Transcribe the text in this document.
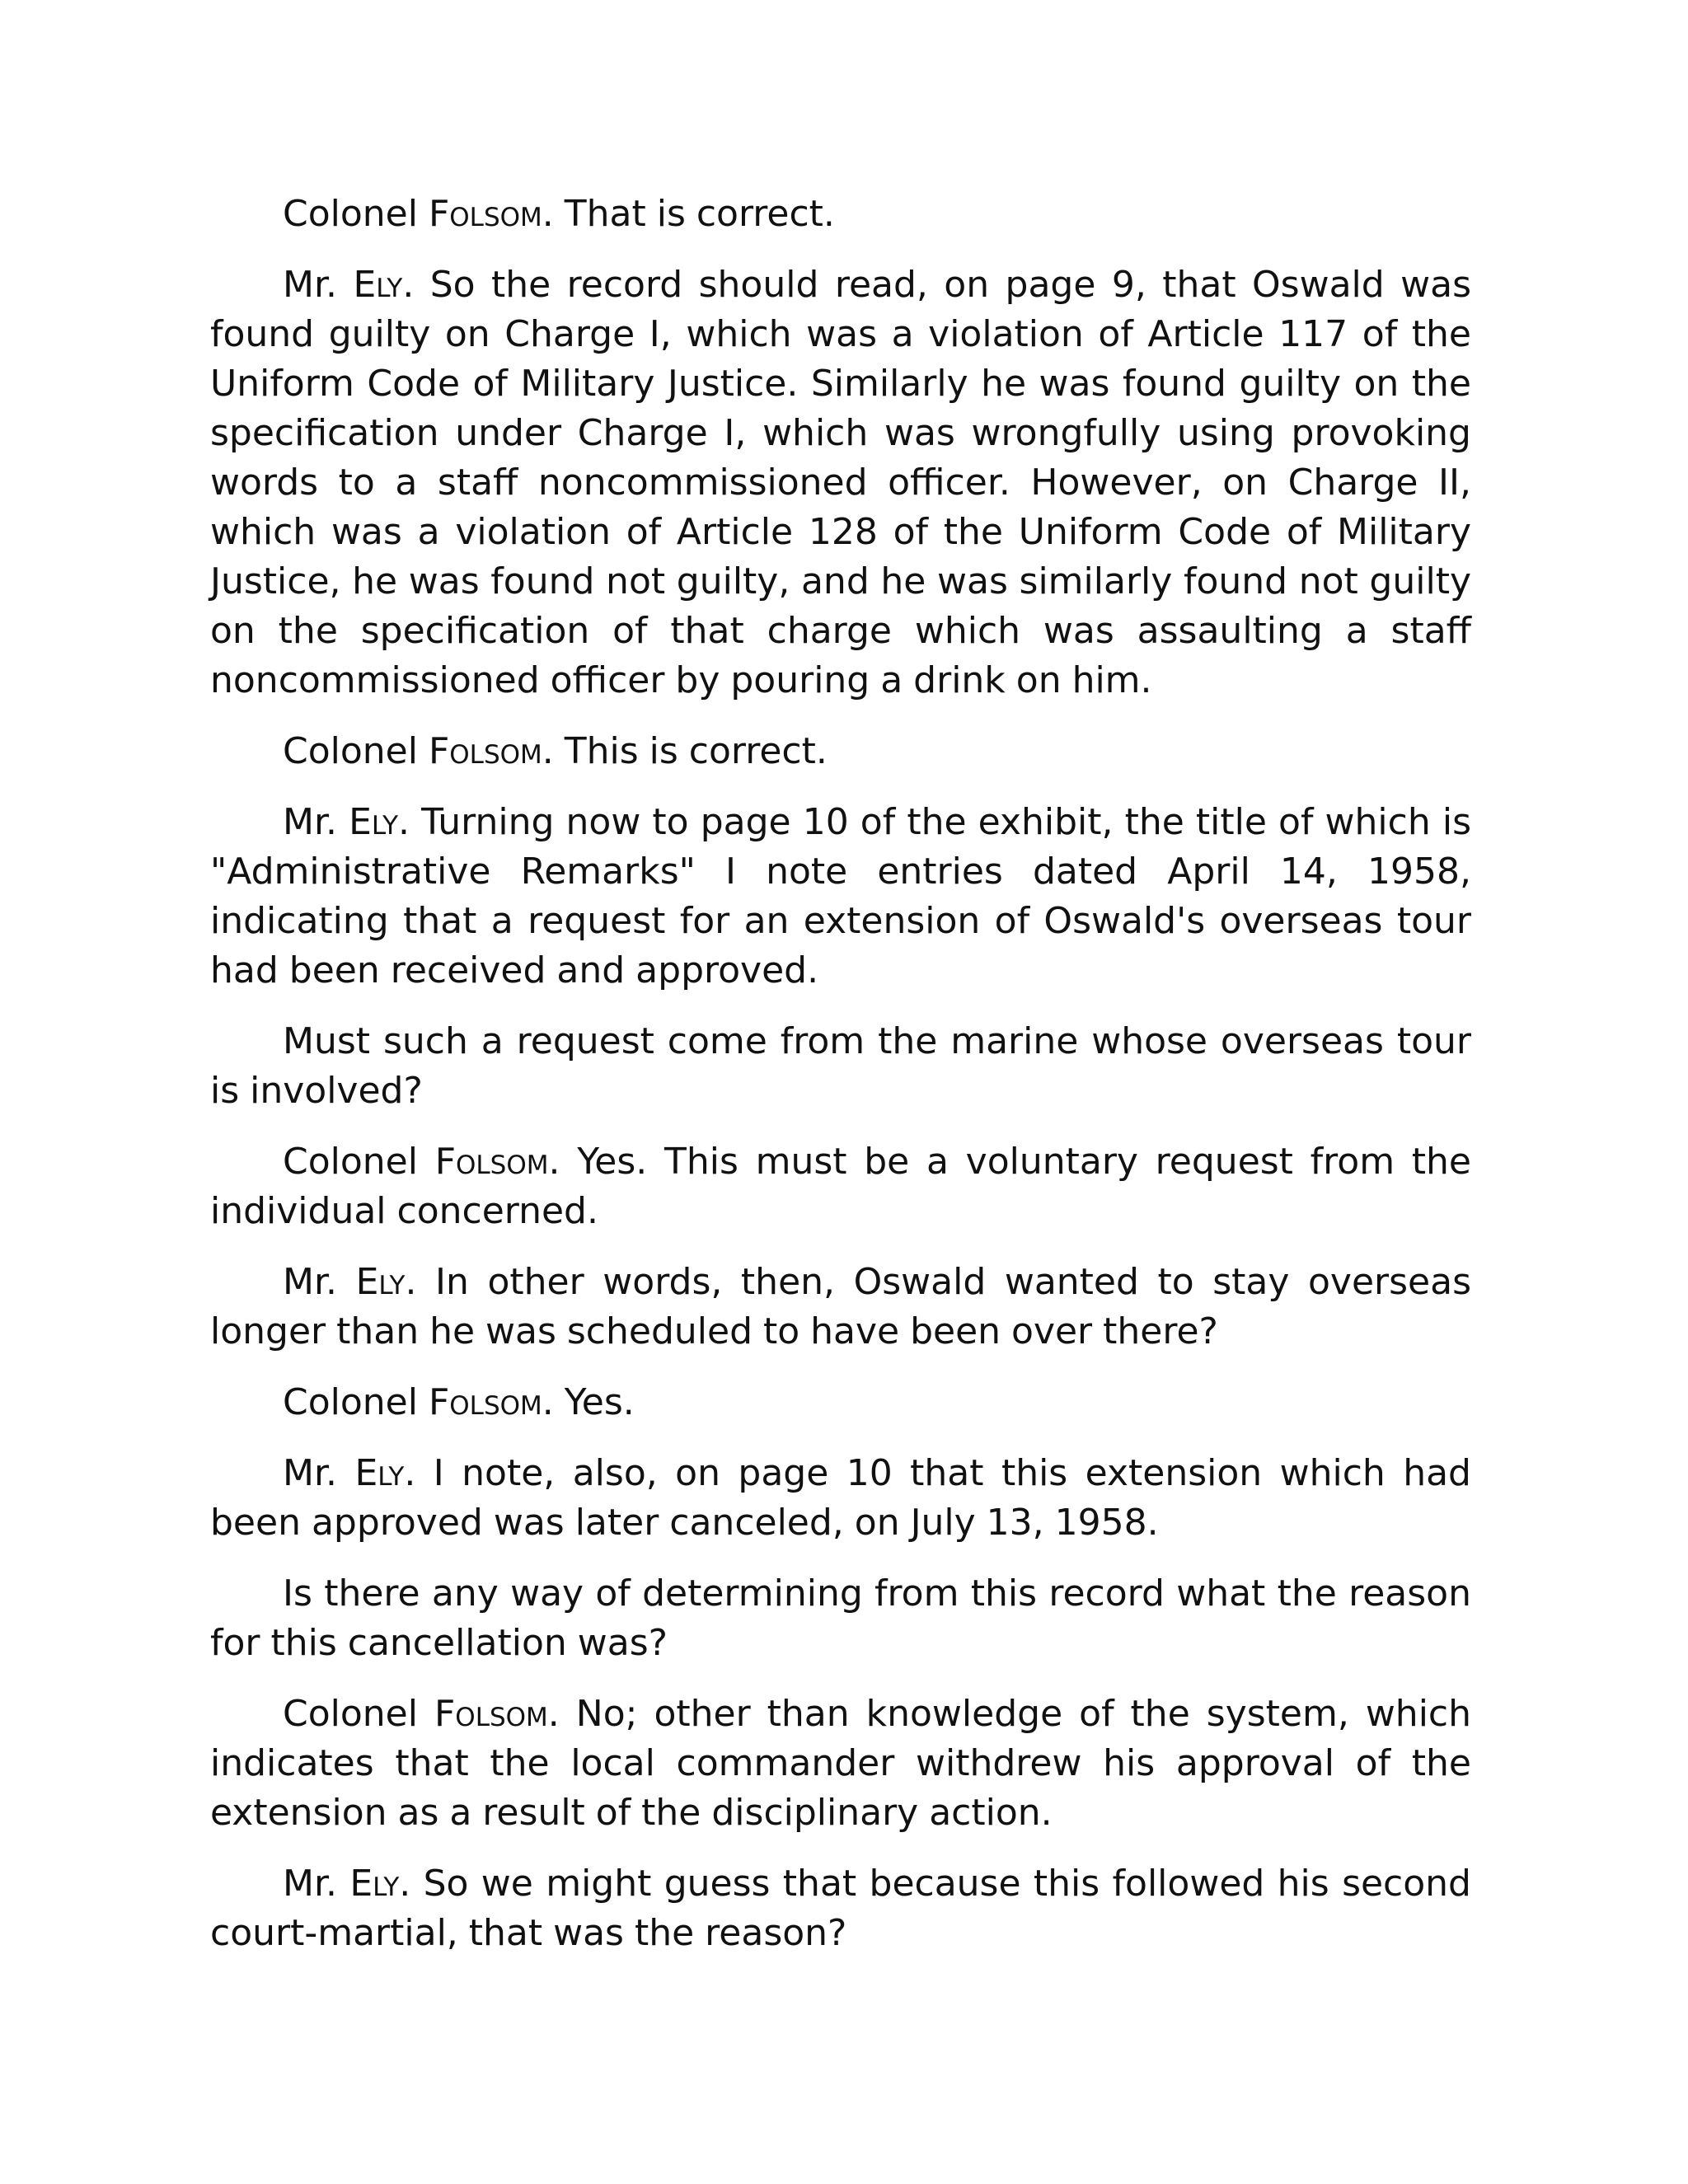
Colonel Folsom. That is correct.

Mr. Ely. So the record should read, on page 9, that Oswald was found guilty on Charge I, which was a violation of Article 117 of the Uniform Code of Military Justice. Similarly he was found guilty on the specification under Charge I, which was wrongfully using provoking words to a staff noncommissioned officer. However, on Charge II, which was a violation of Article 128 of the Uniform Code of Military Justice, he was found not guilty, and he was similarly found not guilty on the specification of that charge which was assaulting a staff noncommissioned officer by pouring a drink on him.

Colonel Folsom. This is correct.

Mr. Ely. Turning now to page 10 of the exhibit, the title of which is "Administrative Remarks" I note entries dated April 14, 1958, indicating that a request for an extension of Oswald's overseas tour had been received and approved.

Must such a request come from the marine whose overseas tour is involved?

Colonel Folsom. Yes. This must be a voluntary request from the individual concerned.

Mr. Ely. In other words, then, Oswald wanted to stay overseas longer than he was scheduled to have been over there?

Colonel Folsom. Yes.

Mr. Ely. I note, also, on page 10 that this extension which had been approved was later canceled, on July 13, 1958.

Is there any way of determining from this record what the reason for this cancellation was?

Colonel Folsom. No; other than knowledge of the system, which indicates that the local commander withdrew his approval of the extension as a result of the disciplinary action.

Mr. Ely. So we might guess that because this followed his second court-martial, that was the reason?
